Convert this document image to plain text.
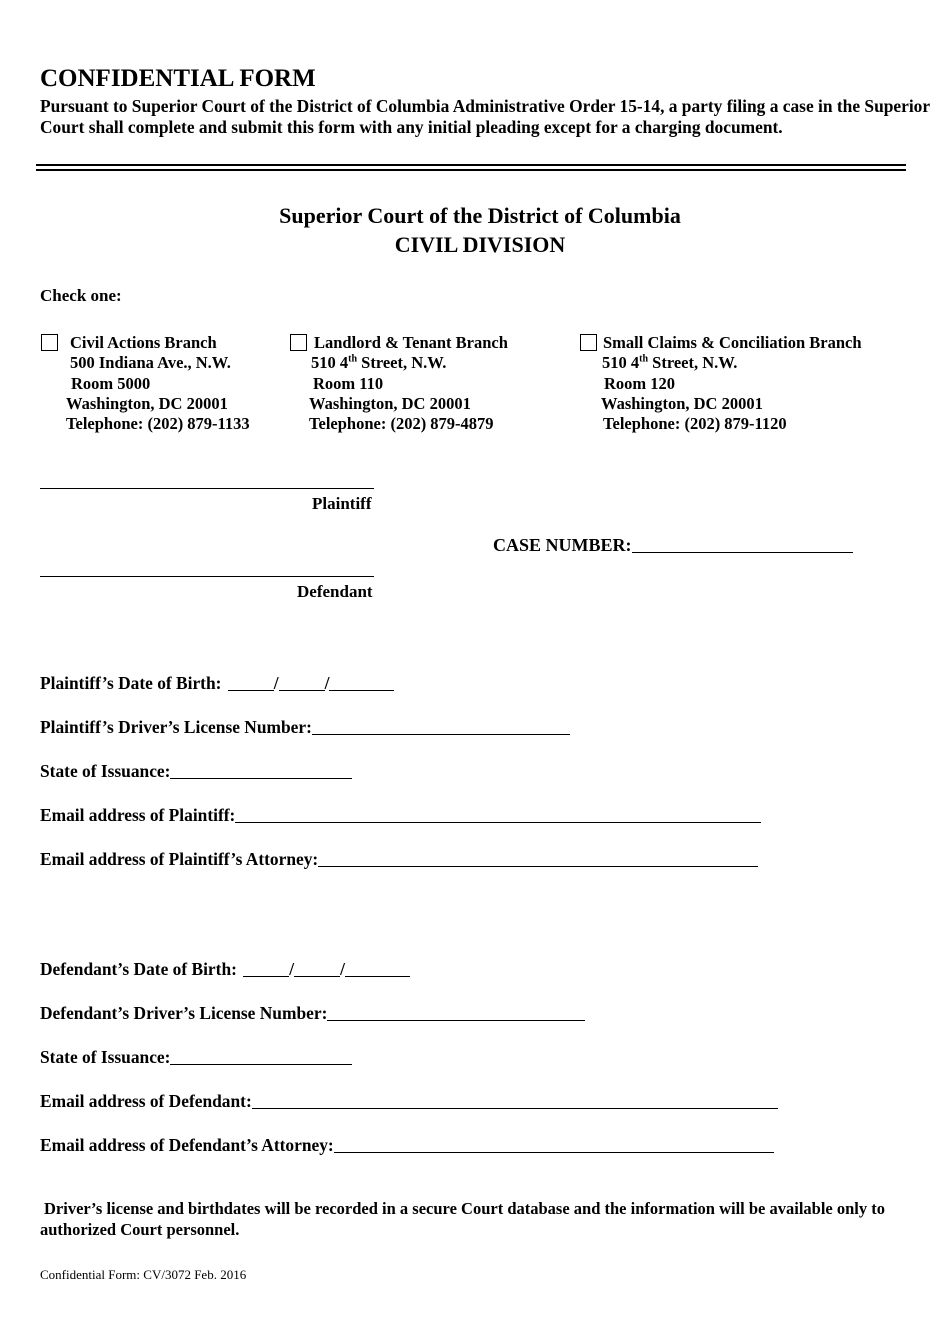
CONFIDENTIAL FORM
Pursuant to Superior Court of the District of Columbia Administrative Order 15-14, a party filing a case in the Superior Court shall complete and submit this form with any initial pleading except for a charging document.
Superior Court of the District of Columbia
CIVIL DIVISION
Check one:
Civil Actions Branch
500 Indiana Ave., N.W.
Room 5000
Washington, DC 20001
Telephone: (202) 879-1133
Landlord & Tenant Branch
510 4th Street, N.W.
Room 110
Washington, DC 20001
Telephone: (202) 879-4879
Small Claims & Conciliation Branch
510 4th Street, N.W.
Room 120
Washington, DC 20001
Telephone: (202) 879-1120
Plaintiff
CASE NUMBER:
Defendant
Plaintiff’s Date of Birth:	/	/
Plaintiff’s Driver’s License Number:
State of Issuance:
Email address of Plaintiff:
Email address of Plaintiff’s Attorney:
Defendant’s Date of Birth:	/	/
Defendant’s Driver’s License Number:
State of Issuance:
Email address of Defendant:
Email address of Defendant’s Attorney:
Driver’s license and birthdates will be recorded in a secure Court database and the information will be available only to authorized Court personnel.
Confidential Form: CV/3072 Feb. 2016
